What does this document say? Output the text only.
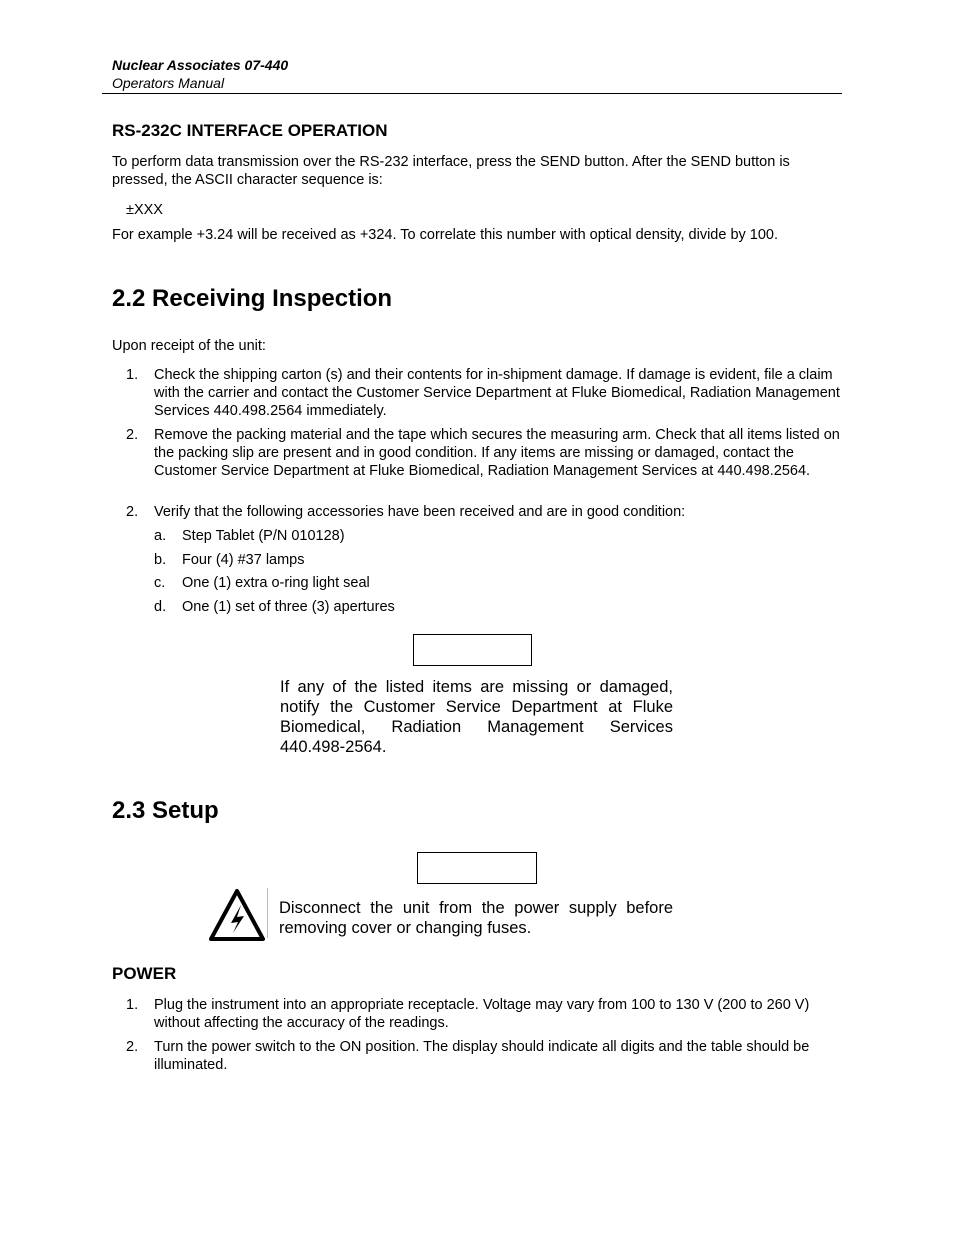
Nuclear Associates 07-440
Operators Manual
RS-232C INTERFACE OPERATION
To perform data transmission over the RS-232 interface, press the SEND button. After the SEND button is pressed, the ASCII character sequence is:
±XXX
For example +3.24 will be received as +324. To correlate this number with optical density, divide by 100.
2.2 Receiving Inspection
Upon receipt of the unit:
1. Check the shipping carton (s) and their contents for in-shipment damage. If damage is evident, file a claim with the carrier and contact the Customer Service Department at Fluke Biomedical, Radiation Management Services 440.498.2564 immediately.
2. Remove the packing material and the tape which secures the measuring arm. Check that all items listed on the packing slip are present and in good condition. If any items are missing or damaged, contact the Customer Service Department at Fluke Biomedical, Radiation Management Services at 440.498.2564.
2. Verify that the following accessories have been received and are in good condition:
a. Step Tablet (P/N 010128)
b. Four (4) #37 lamps
c. One (1) extra o-ring light seal
d. One (1) set of three (3) apertures
If any of the listed items are missing or damaged, notify the Customer Service Department at Fluke Biomedical, Radiation Management Services 440.498-2564.
2.3 Setup
Disconnect the unit from the power supply before removing cover or changing fuses.
POWER
1. Plug the instrument into an appropriate receptacle. Voltage may vary from 100 to 130 V (200 to 260 V) without affecting the accuracy of the readings.
2. Turn the power switch to the ON position. The display should indicate all digits and the table should be illuminated.
